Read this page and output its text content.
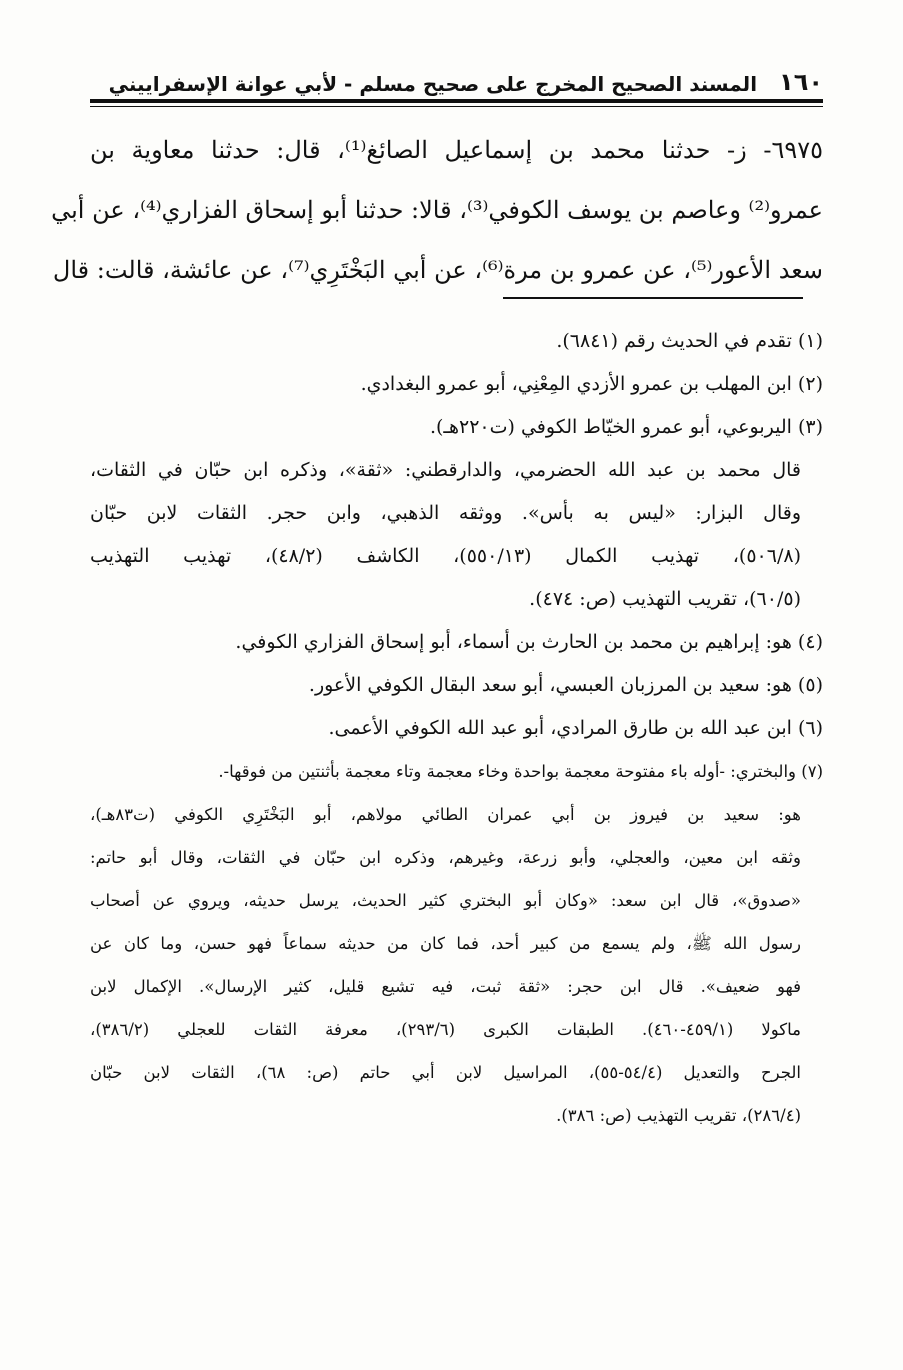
١٦٠
المسند الصحيح المخرج على صحيح مسلم - لأبي عوانة الإسفراييني
٦٩٧٥- ز- حدثنا محمد بن إسماعيل الصائغ⁽¹⁾، قال: حدثنا معاوية بن
عمرو⁽²⁾ وعاصم بن يوسف الكوفي⁽³⁾، قالا: حدثنا أبو إسحاق الفزاري⁽⁴⁾، عن أبي
سعد الأعور⁽⁵⁾، عن عمرو بن مرة⁽⁶⁾، عن أبي البَخْتَرِي⁽⁷⁾، عن عائشة، قالت: قال
(١) تقدم في الحديث رقم (٦٨٤١).
(٢) ابن المهلب بن عمرو الأزدي المِعْنِي، أبو عمرو البغدادي.
(٣) اليربوعي، أبو عمرو الخيّاط الكوفي (ت٢٢٠هـ).
قال محمد بن عبد الله الحضرمي، والدارقطني: «ثقة»، وذكره ابن حبّان في الثقات،
وقال البزار: «ليس به بأس». ووثقه الذهبي، وابن حجر. الثقات لابن حبّان
(٥٠٦/٨)، تهذيب الكمال (٥٥٠/١٣)، الكاشف (٤٨/٢)، تهذيب التهذيب
(٦٠/٥)، تقريب التهذيب (ص: ٤٧٤).
(٤) هو: إبراهيم بن محمد بن الحارث بن أسماء، أبو إسحاق الفزاري الكوفي.
(٥) هو: سعيد بن المرزبان العبسي، أبو سعد البقال الكوفي الأعور.
(٦) ابن عبد الله بن طارق المرادي، أبو عبد الله الكوفي الأعمى.
(٧) والبختري: -أوله باء مفتوحة معجمة بواحدة وخاء معجمة وتاء معجمة بأثنتين من فوقها-.
هو: سعيد بن فيروز بن أبي عمران الطائي مولاهم، أبو البَخْتَرِي الكوفي (ت٨٣هـ)،
وثقه ابن معين، والعجلي، وأبو زرعة، وغيرهم، وذكره ابن حبّان في الثقات، وقال أبو حاتم:
«صدوق»، قال ابن سعد: «وكان أبو البختري كثير الحديث، يرسل حديثه، ويروي عن أصحاب
رسول الله ﷺ، ولم يسمع من كبير أحد، فما كان من حديثه سماعاً فهو حسن، وما كان عن
فهو ضعيف». قال ابن حجر: «ثقة ثبت، فيه تشيع قليل، كثير الإرسال». الإكمال لابن
ماكولا (٤٥٩/١-٤٦٠). الطبقات الكبرى (٢٩٣/٦)، معرفة الثقات للعجلي (٣٨٦/٢)،
الجرح والتعديل (٥٤/٤-٥٥)، المراسيل لابن أبي حاتم (ص: ٦٨)، الثقات لابن حبّان
(٢٨٦/٤)، تقريب التهذيب (ص: ٣٨٦).
